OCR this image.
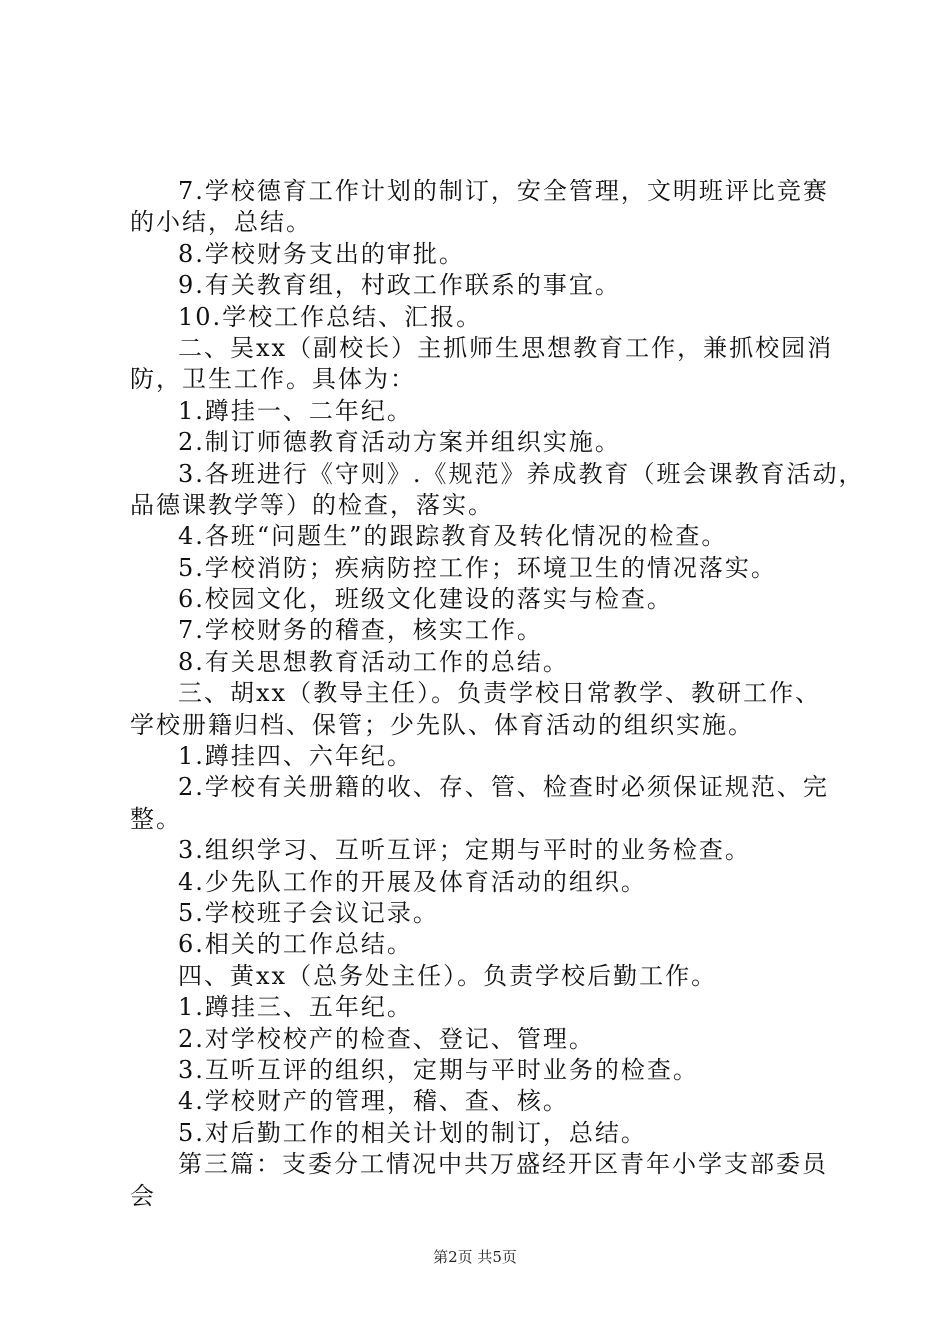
7.学校德育工作计划的制订，安全管理，文明班评比竞赛
的小结，总结。
8.学校财务支出的审批。
9.有关教育组，村政工作联系的事宜。
10.学校工作总结、汇报。
二、吴xx（副校长）主抓师生思想教育工作，兼抓校园消
防，卫生工作。具体为：
1.蹲挂一、二年纪。
2.制订师德教育活动方案并组织实施。
3.各班进行《守则》.《规范》养成教育（班会课教育活动，
品德课教学等）的检查，落实。
4.各班“问题生”的跟踪教育及转化情况的检查。
5.学校消防；疾病防控工作；环境卫生的情况落实。
6.校园文化，班级文化建设的落实与检查。
7.学校财务的稽查，核实工作。
8.有关思想教育活动工作的总结。
三、胡xx（教导主任）。负责学校日常教学、教研工作、
学校册籍归档、保管；少先队、体育活动的组织实施。
1.蹲挂四、六年纪。
2.学校有关册籍的收、存、管、检查时必须保证规范、完
整。
3.组织学习、互听互评；定期与平时的业务检查。
4.少先队工作的开展及体育活动的组织。
5.学校班子会议记录。
6.相关的工作总结。
四、黄xx（总务处主任）。负责学校后勤工作。
1.蹲挂三、五年纪。
2.对学校校产的检查、登记、管理。
3.互听互评的组织，定期与平时业务的检查。
4.学校财产的管理，稽、查、核。
5.对后勤工作的相关计划的制订，总结。
第三篇：支委分工情况中共万盛经开区青年小学支部委员
会
第2页 共5页
